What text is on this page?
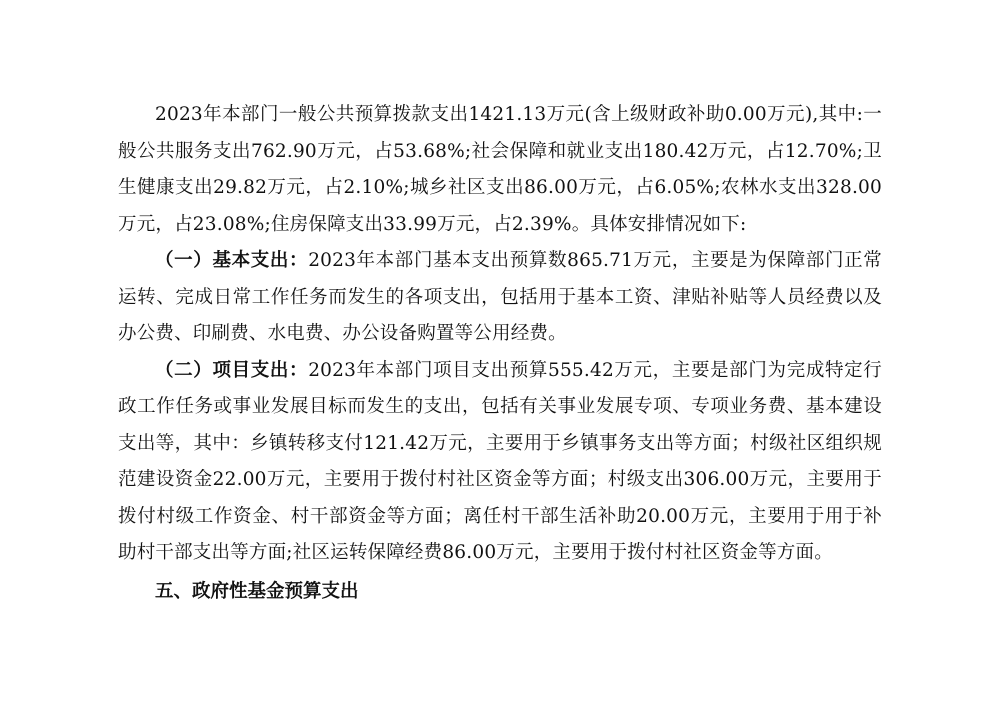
2023年本部门一般公共预算拨款支出1421.13万元(含上级财政补助0.00万元),其中:一般公共服务支出762.90万元，占53.68%;社会保障和就业支出180.42万元，占12.70%;卫生健康支出29.82万元，占2.10%;城乡社区支出86.00万元，占6.05%;农林水支出328.00万元，占23.08%;住房保障支出33.99万元，占2.39%。具体安排情况如下:

（一）基本支出：2023年本部门基本支出预算数865.71万元，主要是为保障部门正常运转、完成日常工作任务而发生的各项支出，包括用于基本工资、津贴补贴等人员经费以及办公费、印刷费、水电费、办公设备购置等公用经费。

（二）项目支出：2023年本部门项目支出预算555.42万元，主要是部门为完成特定行政工作任务或事业发展目标而发生的支出，包括有关事业发展专项、专项业务费、基本建设支出等，其中：乡镇转移支付121.42万元，主要用于乡镇事务支出等方面；村级社区组织规范建设资金22.00万元，主要用于拨付村社区资金等方面；村级支出306.00万元，主要用于拨付村级工作资金、村干部资金等方面；离任村干部生活补助20.00万元，主要用于用于补助村干部支出等方面;社区运转保障经费86.00万元，主要用于拨付村社区资金等方面。

五、政府性基金预算支出
